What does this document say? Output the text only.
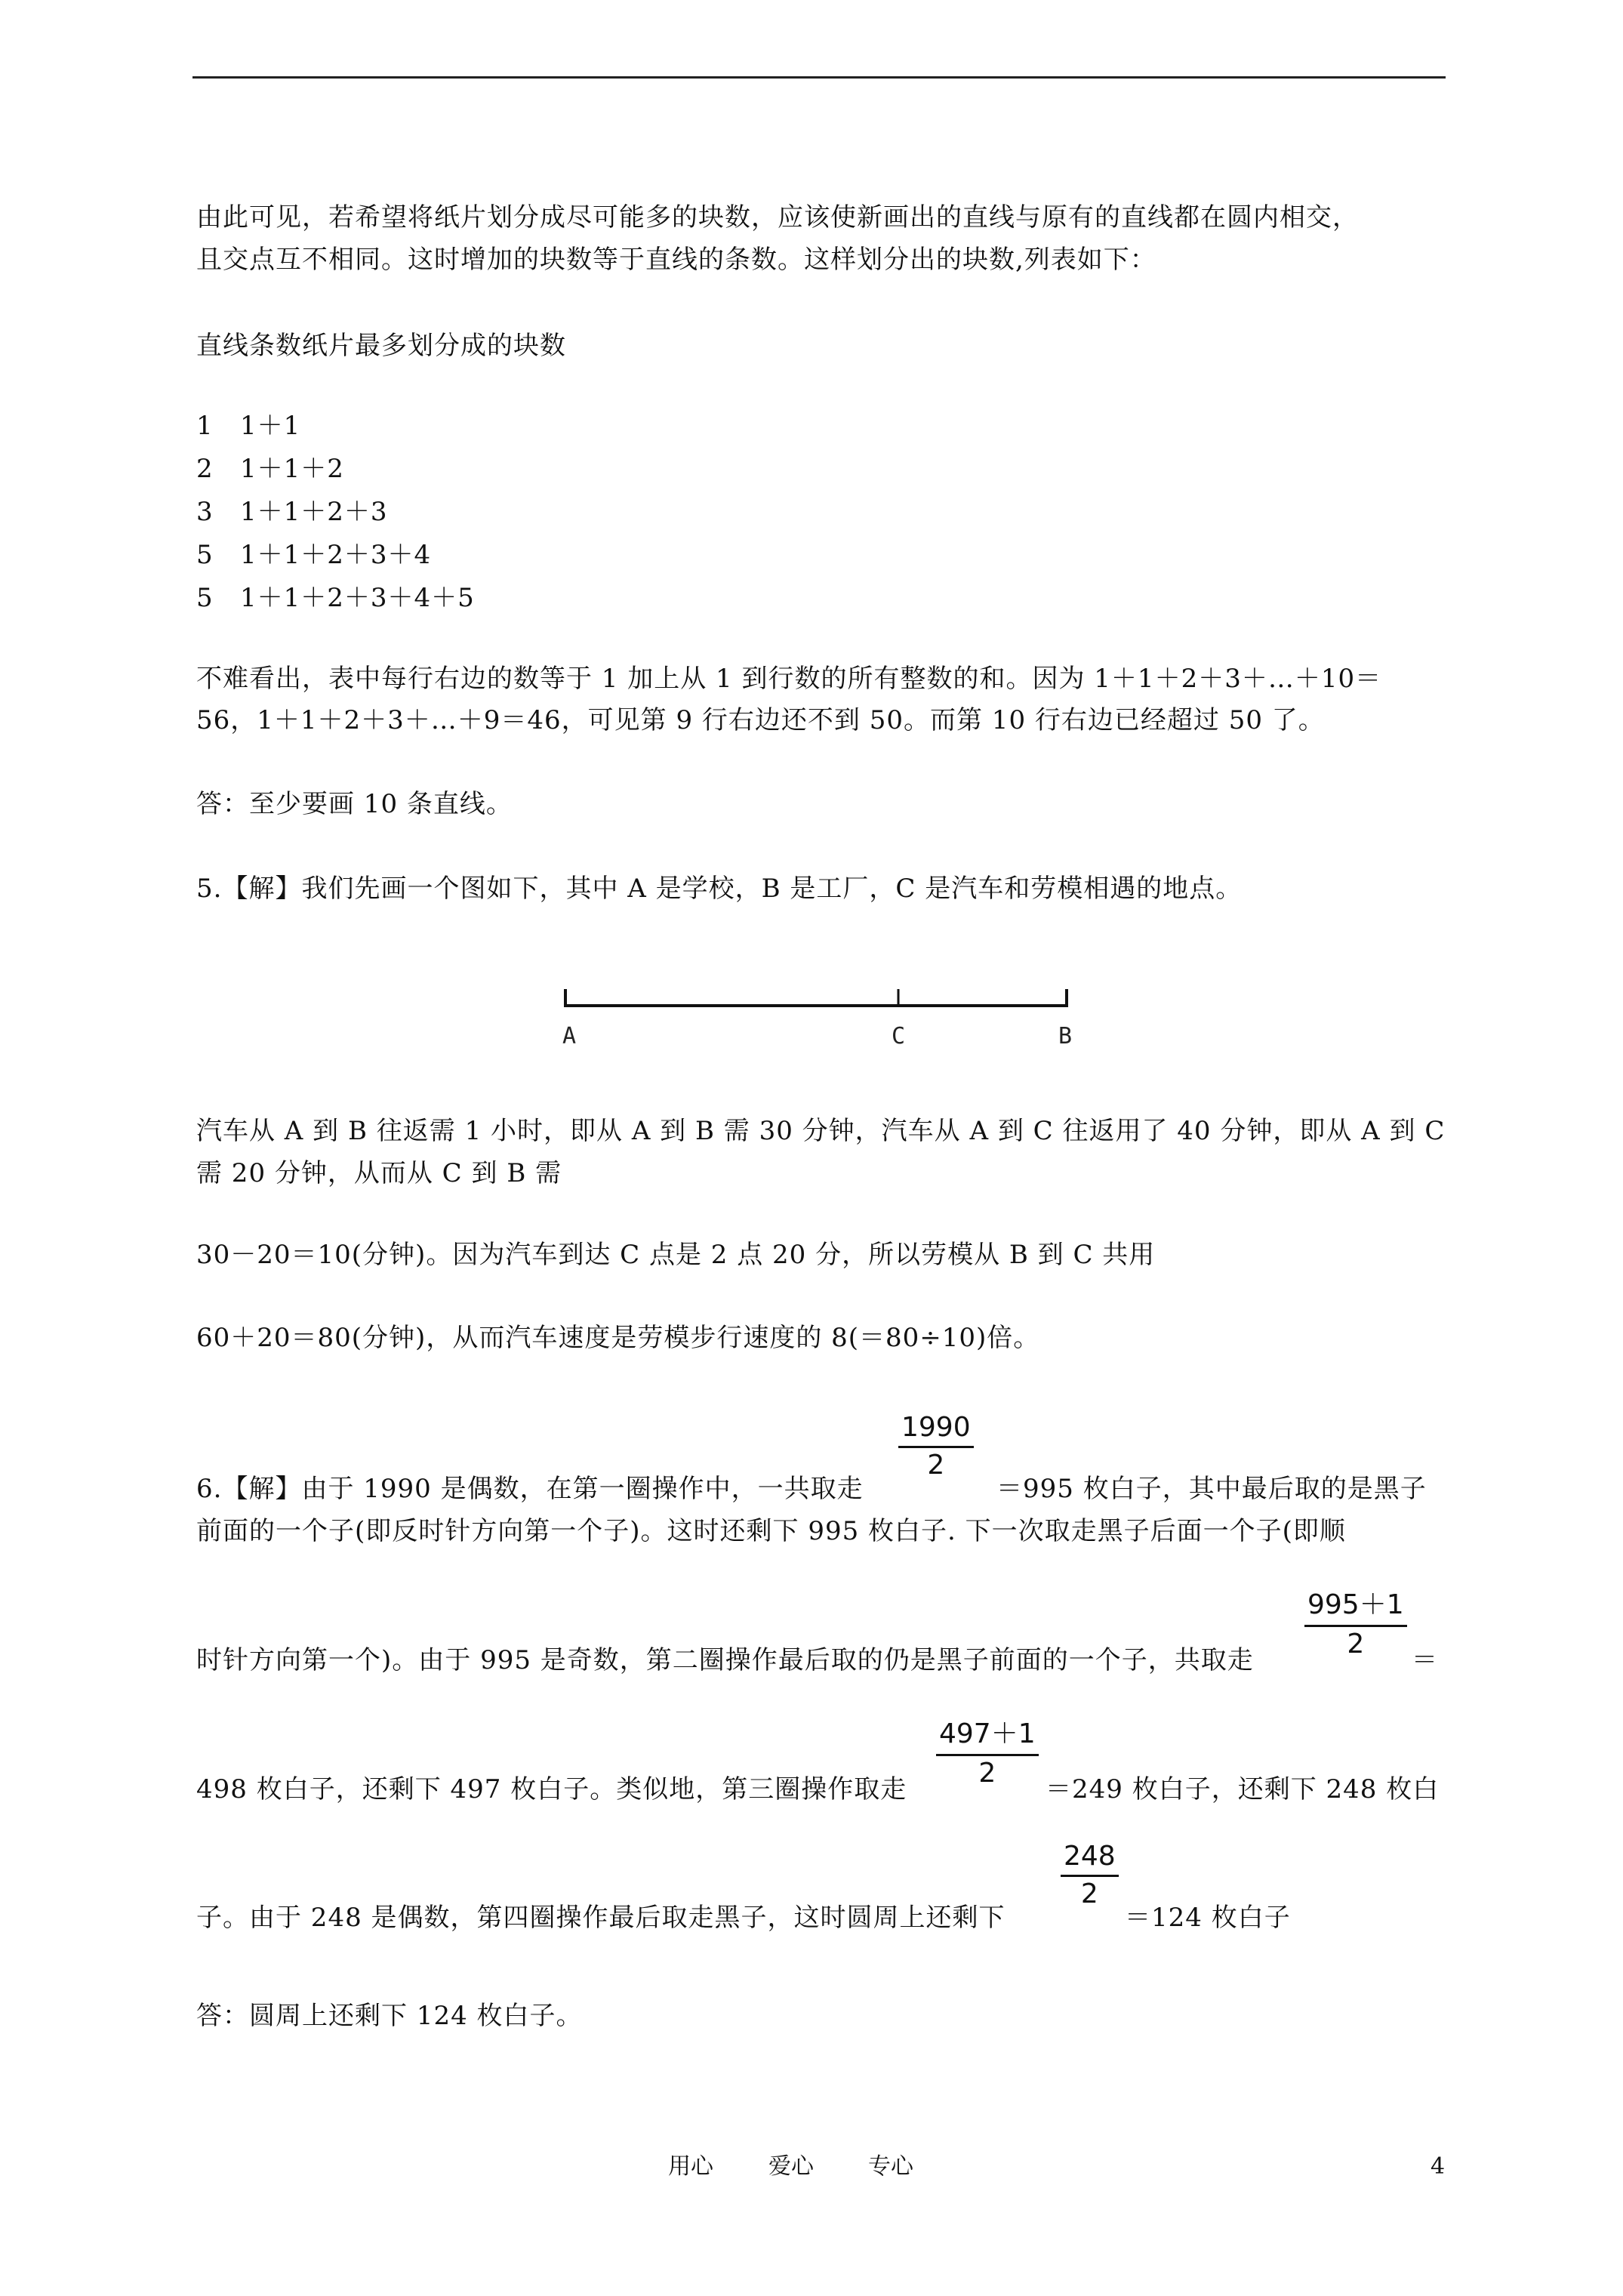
由此可见，若希望将纸片划分成尽可能多的块数，应该使新画出的直线与原有的直线都在圆内相交，

且交点互不相同。这时增加的块数等于直线的条数。这样划分出的块数,列表如下：

直线条数纸片最多划分成的块数

1 1＋1

2 1＋1＋2

3 1＋1＋2＋3

5 1＋1＋2＋3＋4

5 1＋1＋2＋3＋4＋5

不难看出，表中每行右边的数等于 1 加上从 1 到行数的所有整数的和。因为 1＋1＋2＋3＋…＋10＝

56，1＋1＋2＋3＋…＋9＝46，可见第 9 行右边还不到 50。而第 10 行右边已经超过 50 了。

答：至少要画 10 条直线。

5.【解】我们先画一个图如下，其中 A 是学校，B 是工厂，C 是汽车和劳模相遇的地点。

A	C	B

汽车从 A 到 B 往返需 1 小时，即从 A 到 B 需 30 分钟，汽车从 A 到 C 往返用了 40 分钟，即从 A 到 C

需 20 分钟，从而从 C 到 B 需

30－20＝10(分钟)。因为汽车到达 C 点是 2 点 20 分，所以劳模从 B 到 C 共用

60＋20＝80(分钟)，从而汽车速度是劳模步行速度的 8(＝80÷10)倍。

6.【解】由于 1990 是偶数，在第一圈操作中，一共取走

$\frac{1990}{2}$

＝995 枚白子，其中最后取的是黑子

前面的一个子(即反时针方向第一个子)。这时还剩下 995 枚白子. 下一次取走黑子后面一个子(即顺

时针方向第一个)。由于 995 是奇数，第二圈操作最后取的仍是黑子前面的一个子，共取走

$\frac{995+1}{2}$

＝

498 枚白子，还剩下 497 枚白子。类似地，第三圈操作取走

$\frac{497+1}{2}$

＝249 枚白子，还剩下 248 枚白

子。由于 248 是偶数，第四圈操作最后取走黑子，这时圆周上还剩下

$\frac{248}{2}$

＝124 枚白子

答：圆周上还剩下 124 枚白子。

用心 爱心 专心	4
